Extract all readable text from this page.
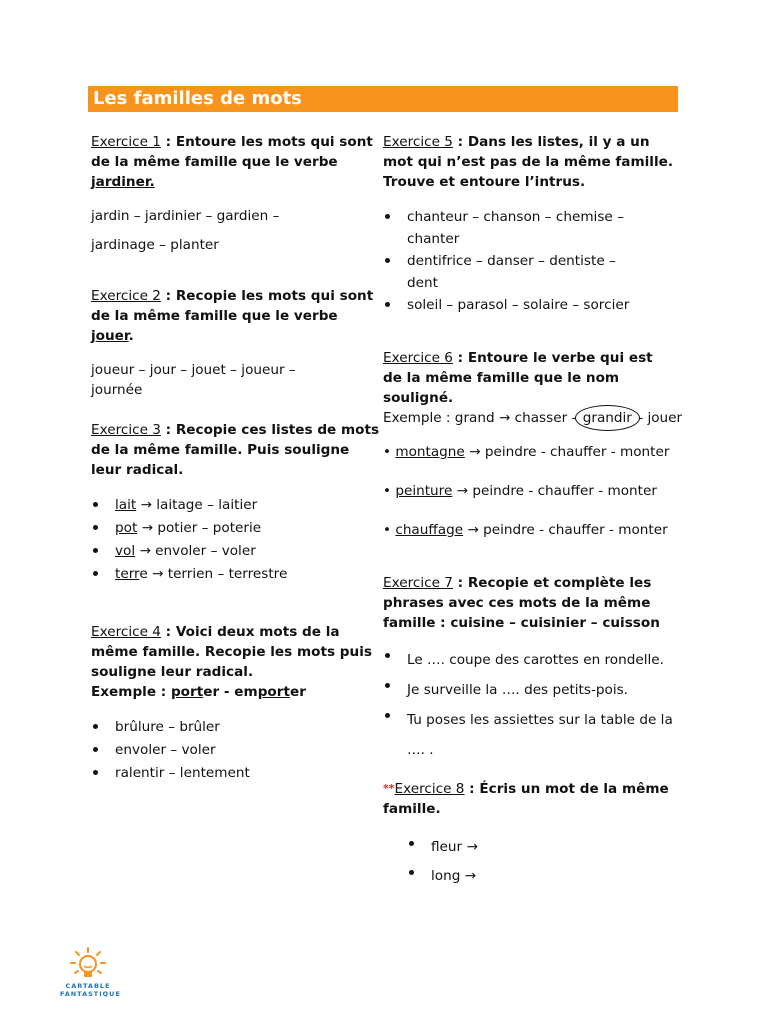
Les familles de mots

Exercice 1 : Entoure les mots qui sont de la même famille que le verbe jardiner.

jardin – jardinier – gardien –
jardinage – planter

Exercice 2 : Recopie les mots qui sont de la même famille que le verbe jouer.

joueur – jour – jouet – joueur –
journée

Exercice 3 : Recopie ces listes de mots de la même famille. Puis souligne leur radical.

lait → laitage – laitier
pot → potier – poterie
vol → envoler – voler
terre → terrien – terrestre

Exercice 4 : Voici deux mots de la même famille. Recopie les mots puis souligne leur radical.

Exemple : porter - emporter
brûlure – brûler
envoler – voler
ralentir – lentement

Exercice 5 : Dans les listes, il y a un mot qui n’est pas de la même famille. Trouve et entoure l’intrus.

chanteur – chanson – chemise –
chanter
dentifrice – danser – dentiste –
dent
soleil – parasol – solaire – sorcier

Exercice 6 : Entoure le verbe qui est de la même famille que le nom souligné.

Exemple : grand → chasser - grandir - jouer
• montagne → peindre - chauffer - monter
• peinture → peindre - chauffer - monter
• chauffage → peindre - chauffer - monter

Exercice 7 : Recopie et complète les phrases avec ces mots de la même famille : cuisine – cuisinier – cuisson

Le …. coupe des carottes en rondelle.
Je surveille la …. des petits-pois.
Tu poses les assiettes sur la table de la …. .

**Exercice 8 : Écris un mot de la même famille.

fleur →
long →
CARTABLE
FANTASTIQUE
